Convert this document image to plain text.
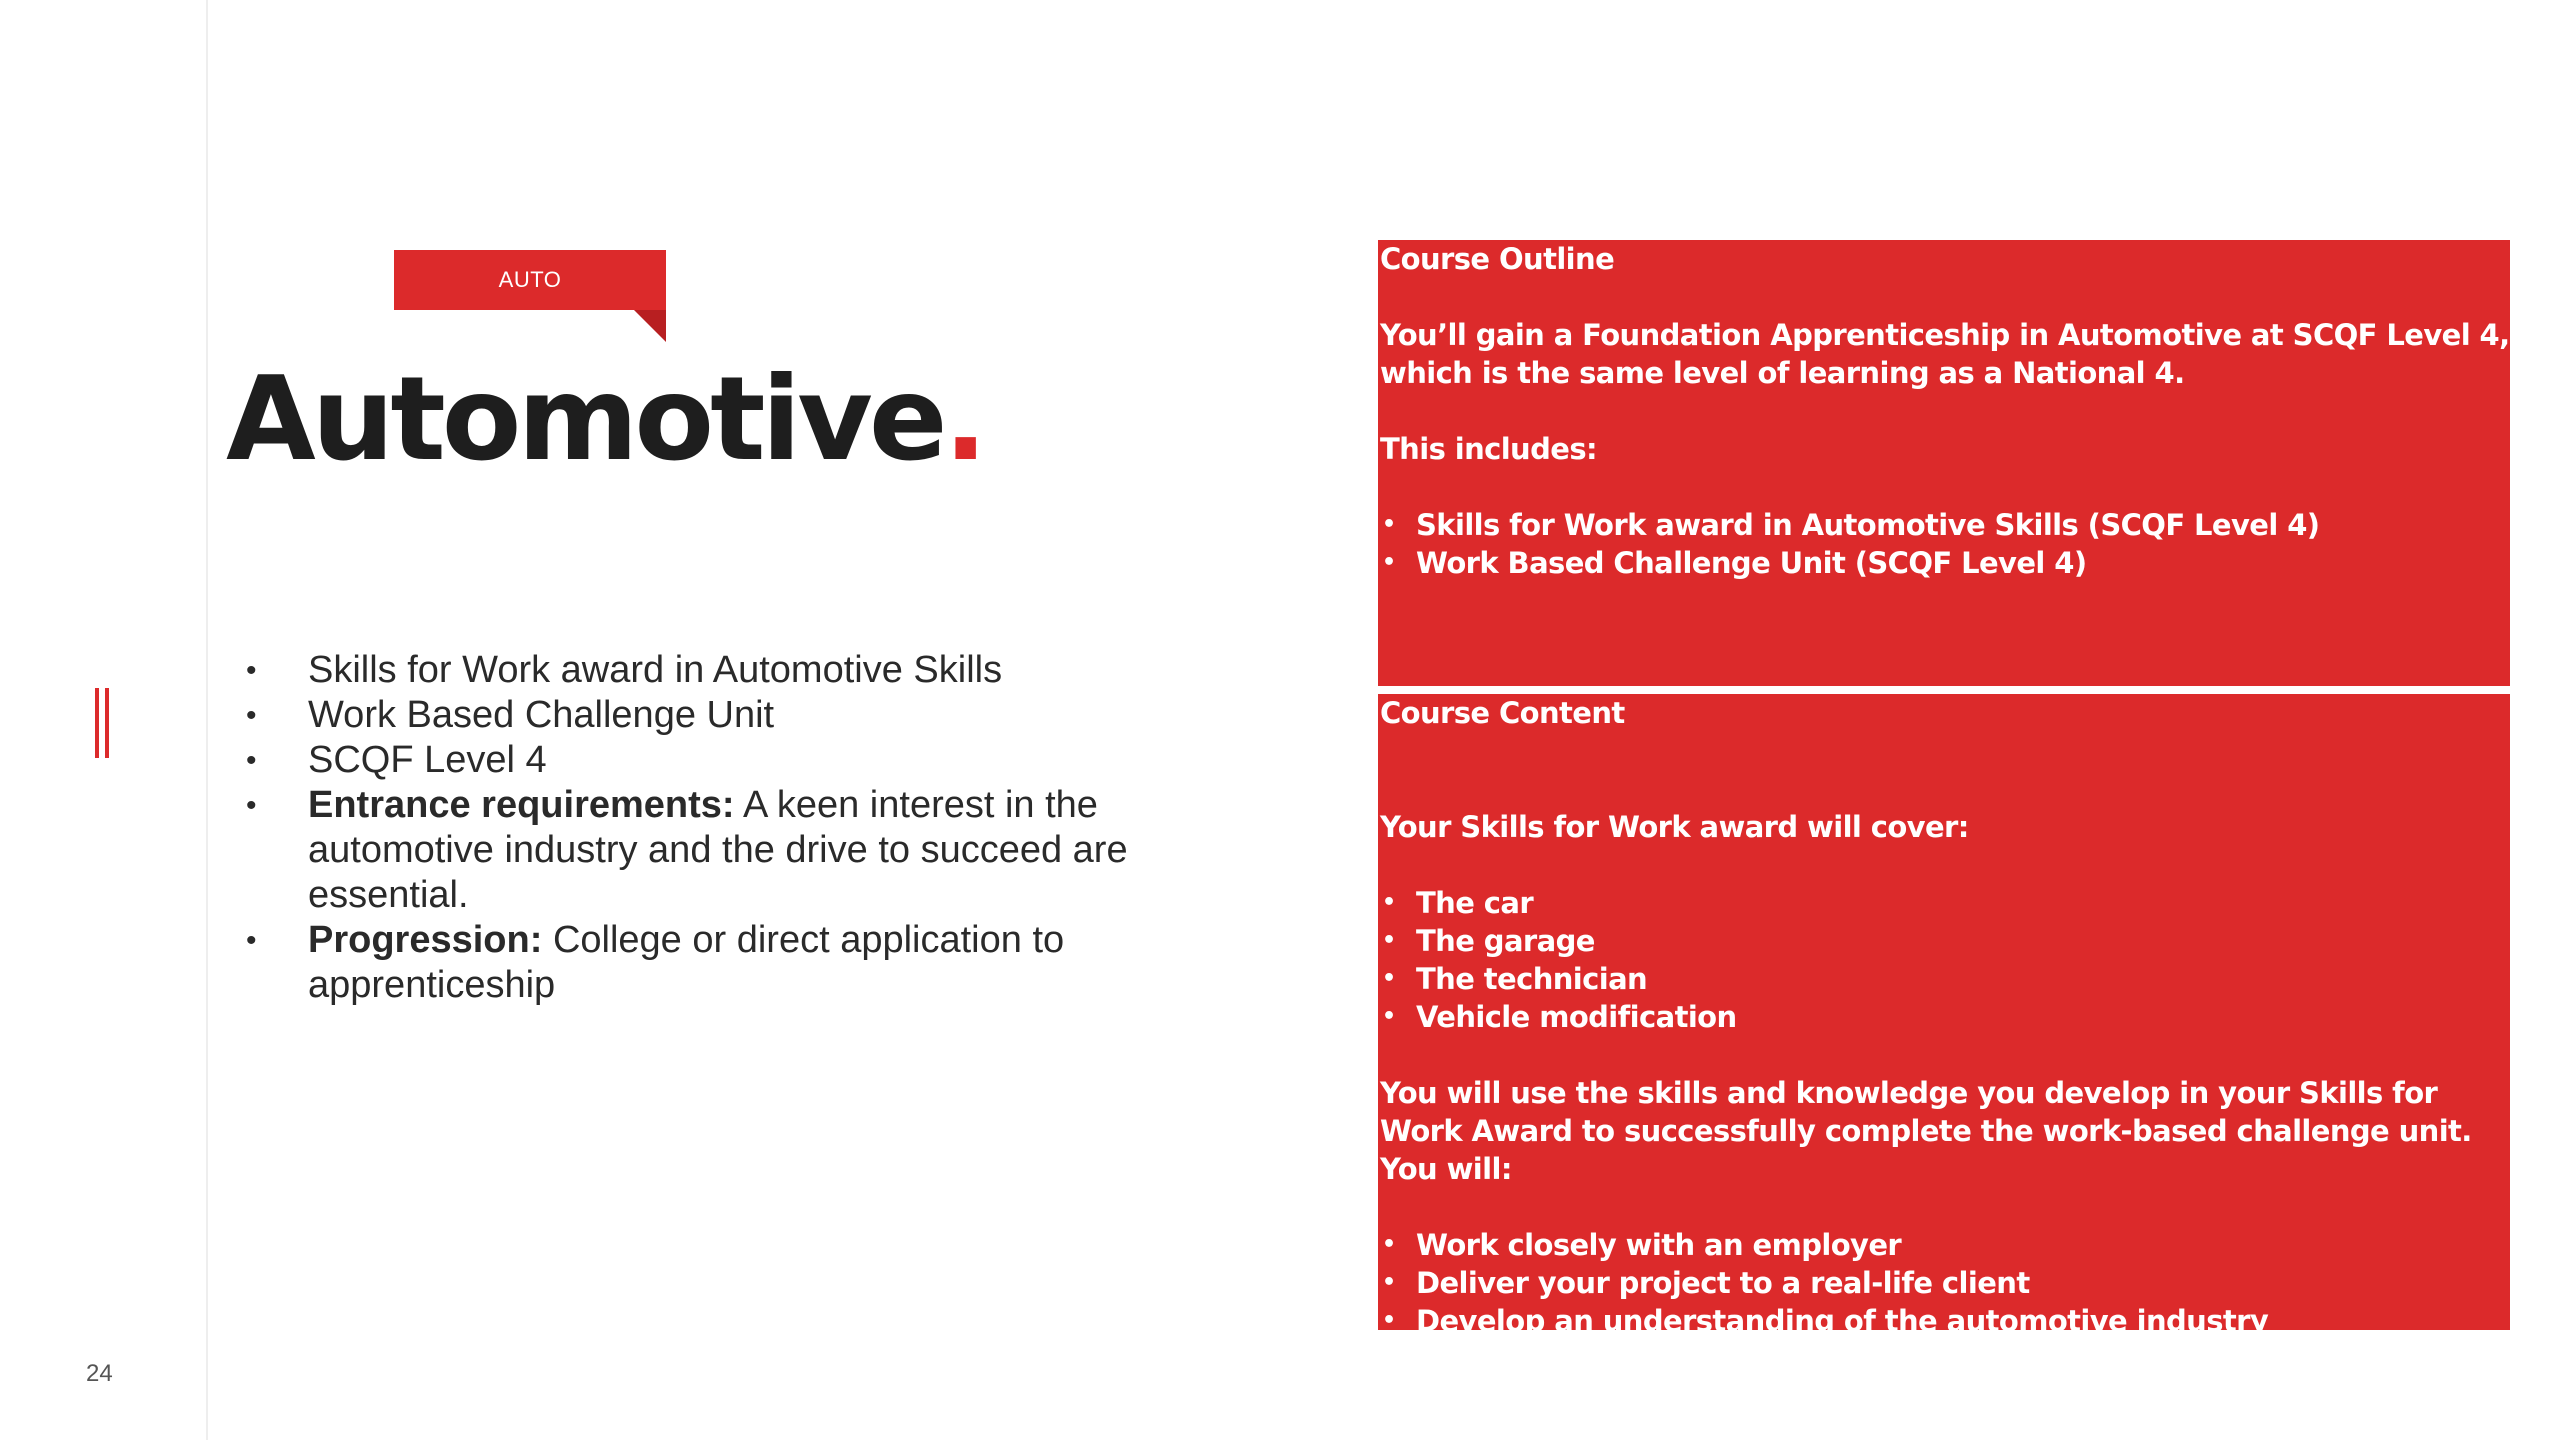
24
AUTO
Automotive.
• Skills for Work award in Automotive Skills
• Work Based Challenge Unit
• SCQF Level 4
• Entrance requirements: A keen interest in the automotive industry and the drive to succeed are essential.
• Progression: College or direct application to apprenticeship
Course Outline
You’ll gain a Foundation Apprenticeship in Automotive at SCQF Level 4, which is the same level of learning as a National 4.
This includes:
• Skills for Work award in Automotive Skills (SCQF Level 4)
• Work Based Challenge Unit (SCQF Level 4)
Course Content
Your Skills for Work award will cover:
• The car
• The garage
• The technician
• Vehicle modification
You will use the skills and knowledge you develop in your Skills for Work Award to successfully complete the work-based challenge unit. You will:
• Work closely with an employer
• Deliver your project to a real-life client
• Develop an understanding of the automotive industry
